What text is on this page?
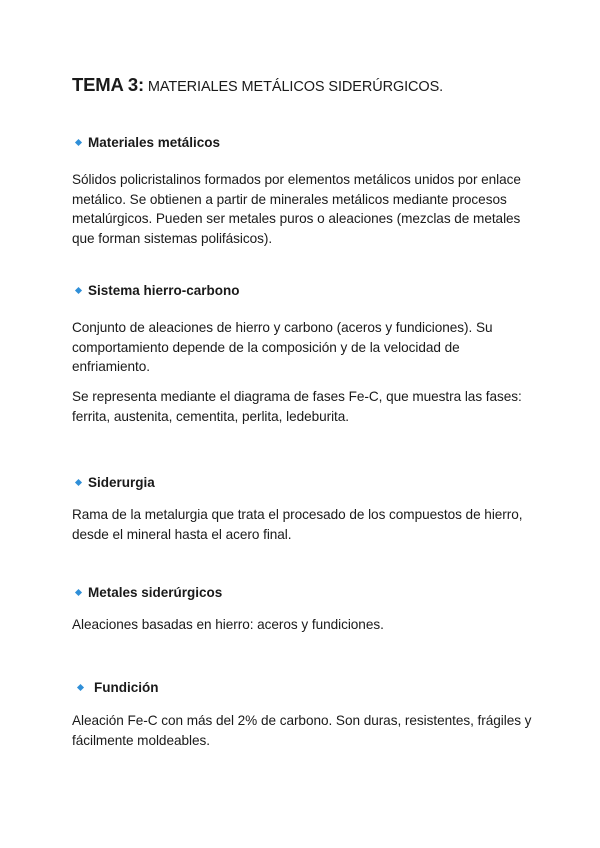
TEMA 3: MATERIALES METÁLICOS SIDERÚRGICOS.
Materiales metálicos

Sólidos policristalinos formados por elementos metálicos unidos por enlace metálico. Se obtienen a partir de minerales metálicos mediante procesos metalúrgicos. Pueden ser metales puros o aleaciones (mezclas de metales que forman sistemas polifásicos).

Sistema hierro-carbono

Conjunto de aleaciones de hierro y carbono (aceros y fundiciones). Su comportamiento depende de la composición y de la velocidad de enfriamiento.

Se representa mediante el diagrama de fases Fe-C, que muestra las fases: ferrita, austenita, cementita, perlita, ledeburita.

Siderurgia

Rama de la metalurgia que trata el procesado de los compuestos de hierro, desde el mineral hasta el acero final.

Metales siderúrgicos

Aleaciones basadas en hierro: aceros y fundiciones.

Fundición

Aleación Fe-C con más del 2% de carbono. Son duras, resistentes, frágiles y fácilmente moldeables.
